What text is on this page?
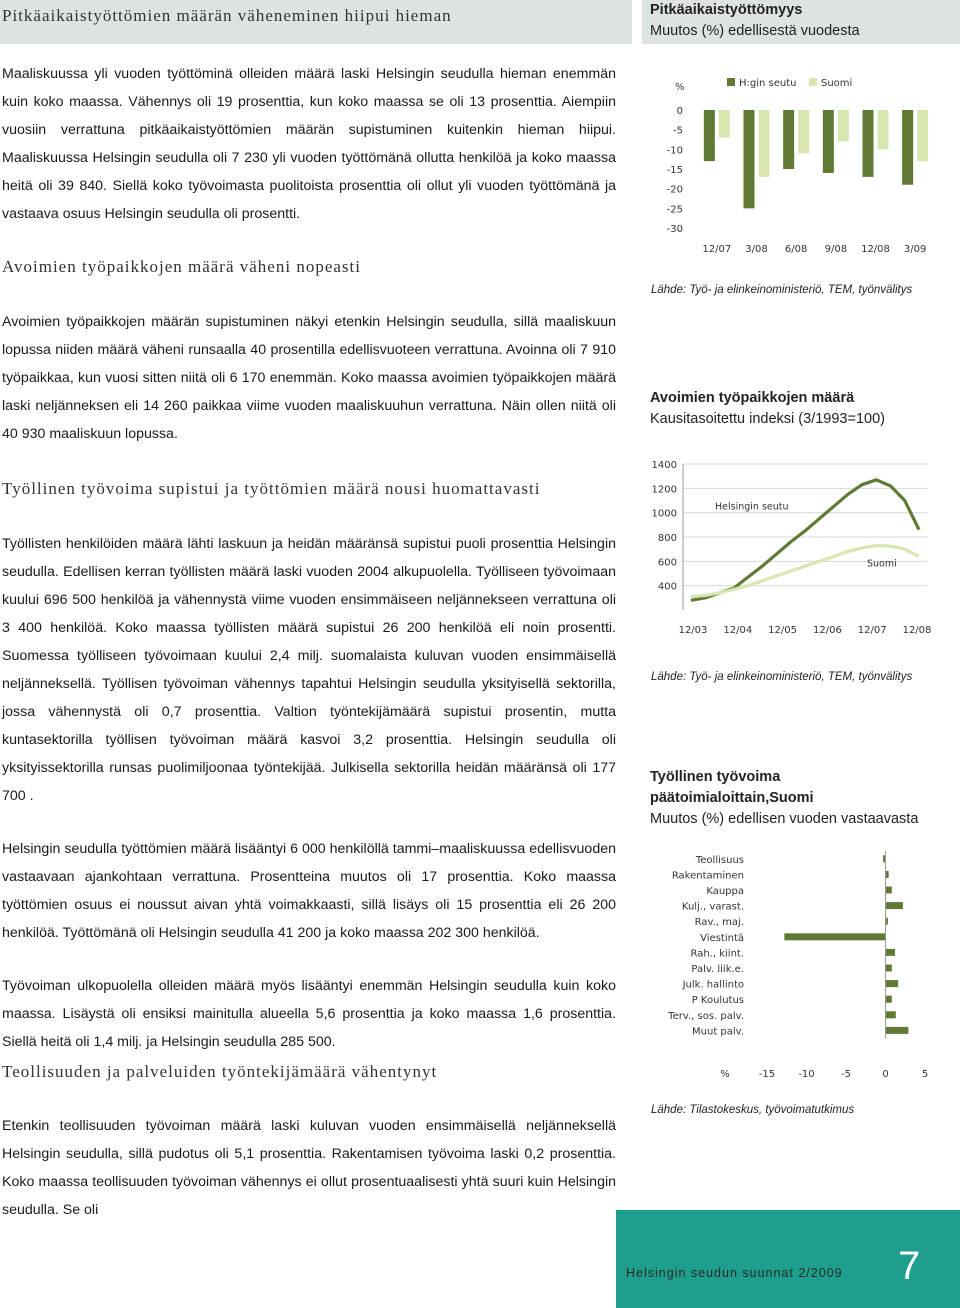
Pitkäaikaistyöttömien määrän väheneminen hiipui hieman

Maaliskuussa yli vuoden työttöminä olleiden määrä laski Helsingin seudulla hieman enemmän kuin koko maassa. Vähennys oli 19 prosenttia, kun koko maassa se oli 13 prosenttia. Aiempiin vuosiin verrattuna pitkäaikaistyöttömien määrän supistuminen kuitenkin hieman hiipui. Maaliskuussa Helsingin seudulla oli 7 230 yli vuoden työttömänä ollutta henkilöä ja koko maassa heitä oli 39 840. Siellä koko työvoimasta puolitoista prosenttia oli ollut yli vuoden työttömänä ja vastaava osuus Helsingin seudulla oli prosentti.

Avoimien työpaikkojen määrä väheni nopeasti

Avoimien työpaikkojen määrän supistuminen näkyi etenkin Helsingin seudulla, sillä maaliskuun lopussa niiden määrä väheni runsaalla 40 prosentilla edellisvuoteen verrattuna. Avoinna oli 7 910 työpaikkaa, kun vuosi sitten niitä oli 6 170 enemmän. Koko maassa avoimien työpaikkojen määrä laski neljänneksen eli 14 260 paikkaa viime vuoden maaliskuuhun verrattuna. Näin ollen niitä oli 40 930 maaliskuun lopussa.

Työllinen työvoima supistui ja työttömien määrä nousi huomattavasti

Työllisten henkilöiden määrä lähti laskuun ja heidän määränsä supistui puoli prosenttia Helsingin seudulla. Edellisen kerran työllisten määrä laski vuoden 2004 alkupuolella. Työlliseen työvoimaan kuului 696 500 henkilöä ja vähennystä viime vuoden ensimmäiseen neljännekseen verrattuna oli 3 400 henkilöä. Koko maassa työllisten määrä supistui 26 200 henkilöä eli noin prosentti. Suomessa työlliseen työvoimaan kuului 2,4 milj. suomalaista kuluvan vuoden ensimmäisellä neljänneksellä. Työllisen työvoiman vähennys tapahtui Helsingin seudulla yksityisellä sektorilla, jossa vähennystä oli 0,7 prosenttia. Valtion työntekijämäärä supistui prosentin, mutta kuntasektorilla työllisen työvoiman määrä kasvoi 3,2 prosenttia. Helsingin seudulla oli yksityissektorilla runsas puolimiljoonaa työntekijää. Julkisella sektorilla heidän määränsä oli 177 700 .

Helsingin seudulla työttömien määrä lisääntyi 6 000 henkilöllä tammi–maaliskuussa edellisvuoden vastaavaan ajankohtaan verrattuna. Prosentteina muutos oli 17 prosenttia. Koko maassa työttömien osuus ei noussut aivan yhtä voimakkaasti, sillä lisäys oli 15 prosenttia eli 26 200 henkilöä. Työttömänä oli Helsingin seudulla 41 200 ja koko maassa 202 300 henkilöä.

Työvoiman ulkopuolella olleiden määrä myös lisääntyi enemmän Helsingin seudulla kuin koko maassa. Lisäystä oli ensiksi mainitulla alueella 5,6 prosenttia ja koko maassa 1,6 prosenttia. Siellä heitä oli 1,4 milj. ja Helsingin seudulla 285 500.

Teollisuuden ja palveluiden työntekijämäärä vähentynyt

Etenkin teollisuuden työvoiman määrä laski kuluvan vuoden ensimmäisellä neljänneksellä Helsingin seudulla, sillä pudotus oli 5,1 prosenttia. Rakentamisen työvoima laski 0,2 prosenttia. Koko maassa teollisuuden työvoiman vähennys ei ollut prosentuaalisesti yhtä suuri kuin Helsingin seudulla. Se oli

Pitkäaikaistyöttömyys
Muutos (%) edellisestä vuodesta
%
0
-5
-10
-15
-20
-25
-30
H:gin seutu Suomi
12/07 3/08 6/08 9/08 12/08 3/09
Lähde: Työ- ja elinkeinoministeriö, TEM, työnvälitys
Avoimien työpaikkojen määrä
Kausitasoitettu indeksi (3/1993=100)
400
600
800
1000
1200
1400
Helsingin seutu
Suomi
12/03 12/04 12/05 12/06 12/07 12/08
Lähde: Työ- ja elinkeinoministeriö, TEM, työnvälitys
Työllinen työvoima
päätoimialoittain,Suomi
Muutos (%) edellisen vuoden vastaavasta
Teollisuus
Rakentaminen
Kauppa
Kulj., varast.
Rav., maj.
Viestintä
Rah., kiint.
Palv. liik.e.
Julk. hallinto
P Koulutus
Terv., sos. palv.
Muut palv.
%	-15 -10	-5	0	5
Lähde: Tilastokeskus, työvoimatutkimus
Helsingin seudun suunnat 2/2009 7
